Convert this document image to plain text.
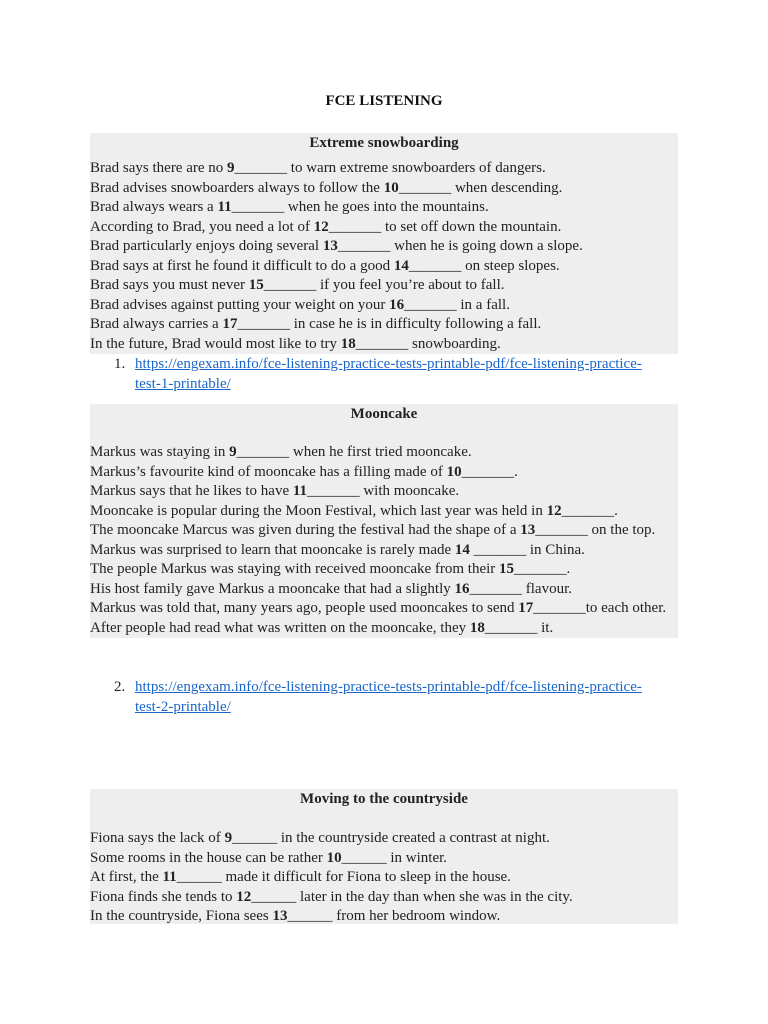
FCE LISTENING
Extreme snowboarding

Brad says there are no 9_______ to warn extreme snowboarders of dangers.

Brad advises snowboarders always to follow the 10_______ when descending.

Brad always wears a 11_______ when he goes into the mountains.

According to Brad, you need a lot of 12_______ to set off down the mountain.

Brad particularly enjoys doing several 13_______ when he is going down a slope.

Brad says at first he found it difficult to do a good 14_______ on steep slopes.

Brad says you must never 15_______ if you feel you’re about to fall.

Brad advises against putting your weight on your 16_______ in a fall.

Brad always carries a 17_______ in case he is in difficulty following a fall.

In the future, Brad would most like to try 18_______ snowboarding.

1. https://engexam.info/fce-listening-practice-tests-printable-pdf/fce-listening-practice-test-1-printable/
Mooncake

Markus was staying in 9_______ when he first tried mooncake.

Markus’s favourite kind of mooncake has a filling made of 10_______.

Markus says that he likes to have 11_______ with mooncake.

Mooncake is popular during the Moon Festival, which last year was held in 12_______.

The mooncake Marcus was given during the festival had the shape of a 13_______ on the top.

Markus was surprised to learn that mooncake is rarely made 14 _______ in China.

The people Markus was staying with received mooncake from their 15_______.

His host family gave Markus a mooncake that had a slightly 16_______ flavour.

Markus was told that, many years ago, people used mooncakes to send 17_______to each other.

After people had read what was written on the mooncake, they 18_______ it.

2. https://engexam.info/fce-listening-practice-tests-printable-pdf/fce-listening-practice-test-2-printable/
Moving to the countryside

Fiona says the lack of 9______ in the countryside created a contrast at night.

Some rooms in the house can be rather 10______ in winter.

At first, the 11______ made it difficult for Fiona to sleep in the house.

Fiona finds she tends to 12______ later in the day than when she was in the city.

In the countryside, Fiona sees 13______ from her bedroom window.
